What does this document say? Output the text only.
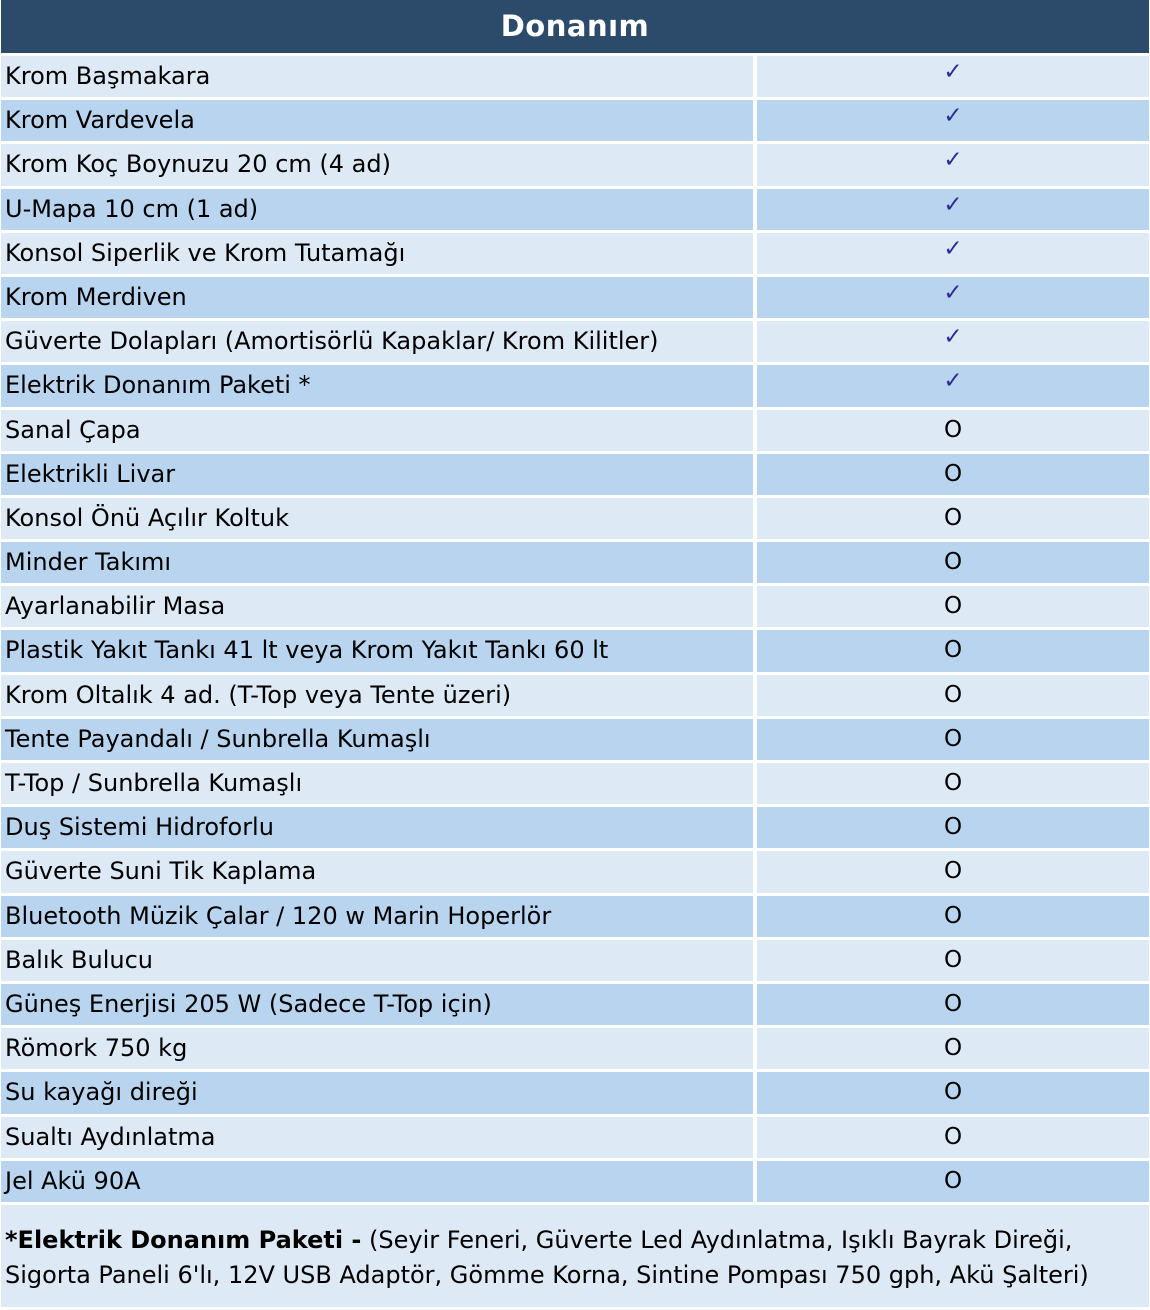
Donanım
Krom Başmakara	✓
Krom Vardevela	✓
Krom Koç Boynuzu 20 cm (4 ad)	✓
U-Mapa 10 cm (1 ad)	✓
Konsol Siperlik ve Krom Tutamağı	✓
Krom Merdiven	✓
Güverte Dolapları (Amortisörlü Kapaklar/ Krom Kilitler)	✓
Elektrik Donanım Paketi *	✓
Sanal Çapa	O
Elektrikli Livar	O
Konsol Önü Açılır Koltuk	O
Minder Takımı	O
Ayarlanabilir Masa	O
Plastik Yakıt Tankı 41 lt veya Krom Yakıt Tankı 60 lt	O
Krom Oltalık 4 ad. (T-Top veya Tente üzeri)	O
Tente Payandalı / Sunbrella Kumaşlı	O
T-Top / Sunbrella Kumaşlı	O
Duş Sistemi Hidroforlu	O
Güverte Suni Tik Kaplama	O
Bluetooth Müzik Çalar / 120 w Marin Hoperlör	O
Balık Bulucu	O
Güneş Enerjisi 205 W (Sadece T-Top için)	O
Römork 750 kg	O
Su kayağı direği	O
Sualtı Aydınlatma	O
Jel Akü 90A	O
*Elektrik Donanım Paketi - (Seyir Feneri, Güverte Led Aydınlatma, Işıklı Bayrak Direği, Sigorta Paneli 6'lı, 12V USB Adaptör, Gömme Korna, Sintine Pompası 750 gph, Akü Şalteri)
